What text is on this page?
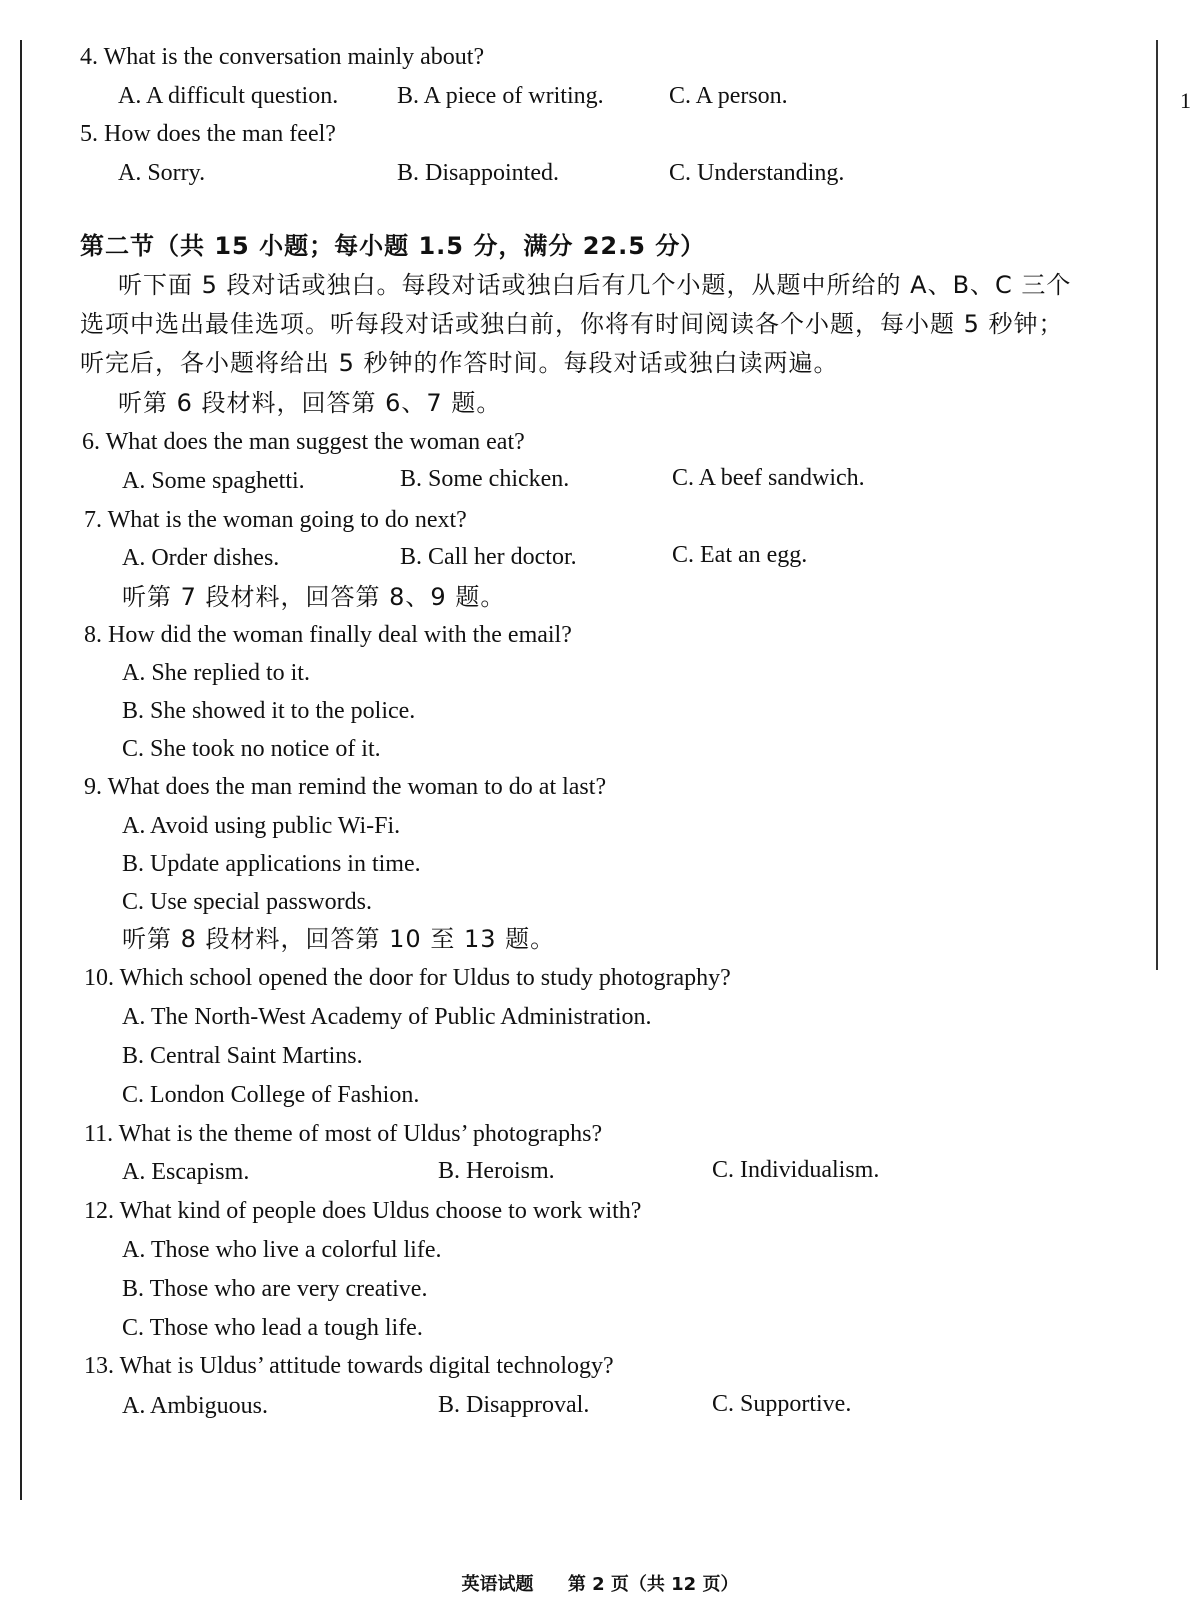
1
4. What is the conversation mainly about?
A. A difficult question. B. A piece of writing.	C. A person.
5. How does the man feel?
A. Sorry.	B. Disappointed.	C. Understanding.
第二节（共 15 小题；每小题 1.5 分，满分 22.5 分）
听下面 5 段对话或独白。每段对话或独白后有几个小题，从题中所给的 A、B、C 三个
选项中选出最佳选项。听每段对话或独白前，你将有时间阅读各个小题，每小题 5 秒钟；
听完后，各小题将给出 5 秒钟的作答时间。每段对话或独白读两遍。
听第 6 段材料，回答第 6、7 题。
6. What does the man suggest the woman eat?
A. Some spaghetti.	B. Some chicken.	C. A beef sandwich.
7. What is the woman going to do next?
A. Order dishes.	B. Call her doctor.	C. Eat an egg.
听第 7 段材料，回答第 8、9 题。
8. How did the woman finally deal with the email?
A. She replied to it.
B. She showed it to the police.
C. She took no notice of it.
9. What does the man remind the woman to do at last?
A. Avoid using public Wi-Fi.
B. Update applications in time.
C. Use special passwords.
听第 8 段材料，回答第 10 至 13 题。
10. Which school opened the door for Uldus to study photography?
A. The North-West Academy of Public Administration.
B. Central Saint Martins.
C. London College of Fashion.
11. What is the theme of most of Uldus’ photographs?
A. Escapism.	B. Heroism.	C. Individualism.
12. What kind of people does Uldus choose to work with?
A. Those who live a colorful life.
B. Those who are very creative.
C. Those who lead a tough life.
13. What is Uldus’ attitude towards digital technology?
A. Ambiguous.	B. Disapproval.	C. Supportive.
英语试题 第 2 页（共 12 页）
